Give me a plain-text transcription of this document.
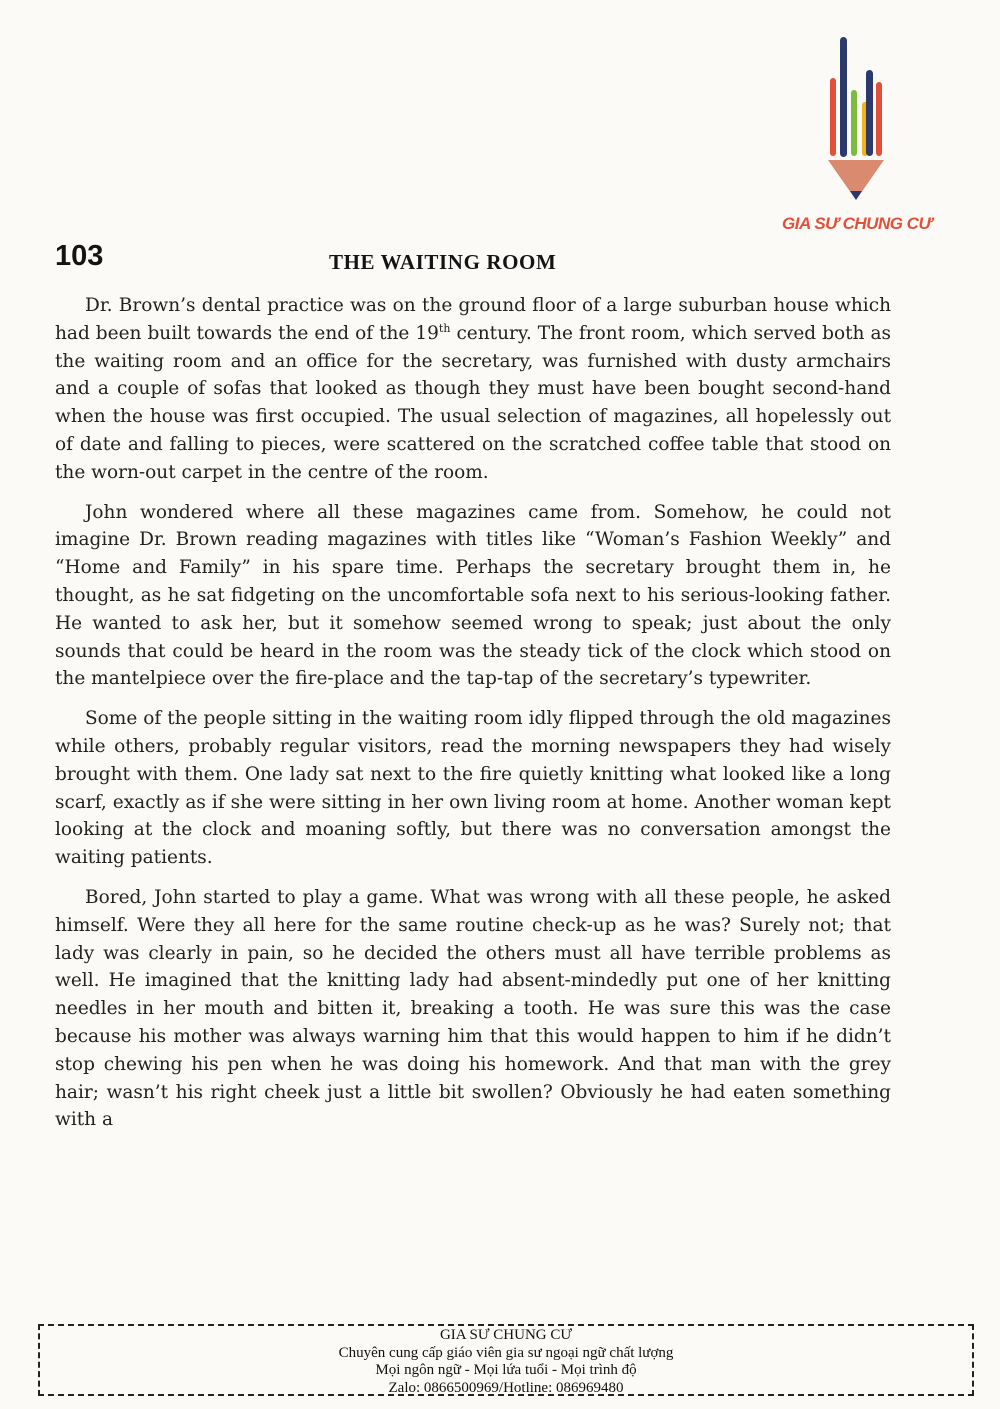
GIA SƯ CHUNG CƯ
103	THE WAITING ROOM

Dr. Brown’s dental practice was on the ground floor of a large suburban house which had been built towards the end of the 19th century. The front room, which served both as the waiting room and an office for the secretary, was furnished with dusty armchairs and a couple of sofas that looked as though they must have been bought second-hand when the house was first occupied. The usual selection of magazines, all hopelessly out of date and falling to pieces, were scattered on the scratched coffee table that stood on the worn-out carpet in the centre of the room.

John wondered where all these magazines came from. Somehow, he could not imagine Dr. Brown reading magazines with titles like “Woman’s Fashion Weekly” and “Home and Family” in his spare time. Perhaps the secretary brought them in, he thought, as he sat fidgeting on the uncomfortable sofa next to his serious-looking father. He wanted to ask her, but it somehow seemed wrong to speak; just about the only sounds that could be heard in the room was the steady tick of the clock which stood on the mantelpiece over the fire-place and the tap-tap of the secretary’s typewriter.

Some of the people sitting in the waiting room idly flipped through the old magazines while others, probably regular visitors, read the morning newspapers they had wisely brought with them. One lady sat next to the fire quietly knitting what looked like a long scarf, exactly as if she were sitting in her own living room at home. Another woman kept looking at the clock and moaning softly, but there was no conversation amongst the waiting patients.

Bored, John started to play a game. What was wrong with all these people, he asked himself. Were they all here for the same routine check-up as he was? Surely not; that lady was clearly in pain, so he decided the others must all have terrible problems as well. He imagined that the knitting lady had absent-mindedly put one of her knitting needles in her mouth and bitten it, breaking a tooth. He was sure this was the case because his mother was always warning him that this would happen to him if he didn’t stop chewing his pen when he was doing his homework. And that man with the grey hair; wasn’t his right cheek just a little bit swollen? Obviously he had eaten something with a

GIA SƯ CHUNG CƯ
Chuyên cung cấp giáo viên gia sư ngoại ngữ chất lượng
Mọi ngôn ngữ - Mọi lứa tuổi - Mọi trình độ
Zalo: 0866500969/Hotline: 086969480
